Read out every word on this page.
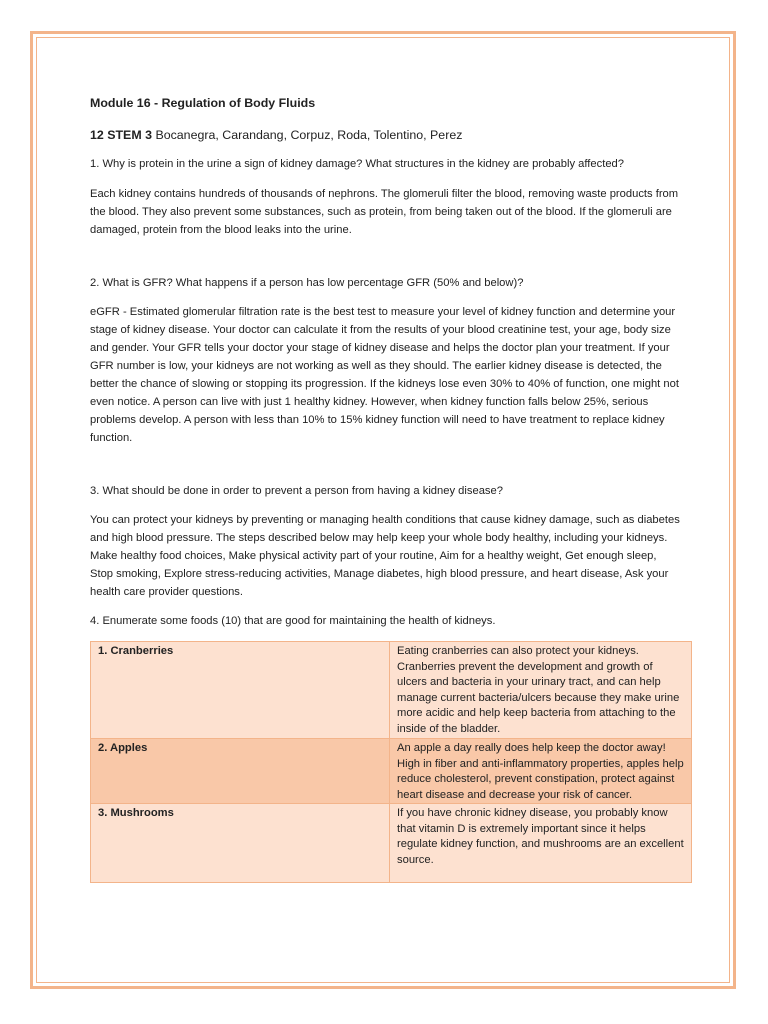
Module 16 - Regulation of Body Fluids

12 STEM 3 Bocanegra, Carandang, Corpuz, Roda, Tolentino, Perez

1. Why is protein in the urine a sign of kidney damage? What structures in the kidney are probably affected?

Each kidney contains hundreds of thousands of nephrons. The glomeruli filter the blood, removing waste products from the blood. They also prevent some substances, such as protein, from being taken out of the blood. If the glomeruli are damaged, protein from the blood leaks into the urine.

2. What is GFR? What happens if a person has low percentage GFR (50% and below)?

eGFR - Estimated glomerular filtration rate is the best test to measure your level of kidney function and determine your stage of kidney disease. Your doctor can calculate it from the results of your blood creatinine test, your age, body size and gender. Your GFR tells your doctor your stage of kidney disease and helps the doctor plan your treatment. If your GFR number is low, your kidneys are not working as well as they should. The earlier kidney disease is detected, the better the chance of slowing or stopping its progression. If the kidneys lose even 30% to 40% of function, one might not even notice. A person can live with just 1 healthy kidney. However, when kidney function falls below 25%, serious problems develop. A person with less than 10% to 15% kidney function will need to have treatment to replace kidney function.

3. What should be done in order to prevent a person from having a kidney disease?

You can protect your kidneys by preventing or managing health conditions that cause kidney damage, such as diabetes and high blood pressure. The steps described below may help keep your whole body healthy, including your kidneys. Make healthy food choices, Make physical activity part of your routine, Aim for a healthy weight, Get enough sleep, Stop smoking, Explore stress-reducing activities, Manage diabetes, high blood pressure, and heart disease, Ask your health care provider questions.

4. Enumerate some foods (10) that are good for maintaining the health of kidneys.

1. Cranberries	Eating cranberries can also protect your kidneys. Cranberries prevent the development and growth of ulcers and bacteria in your urinary tract, and can help manage current bacteria/ulcers because they make urine more acidic and help keep bacteria from attaching to the inside of the bladder.
2. Apples	An apple a day really does help keep the doctor away! High in fiber and anti-inflammatory properties, apples help reduce cholesterol, prevent constipation, protect against heart disease and decrease your risk of cancer.
3. Mushrooms	If you have chronic kidney disease, you probably know that vitamin D is extremely important since it helps regulate kidney function, and mushrooms are an excellent source.
